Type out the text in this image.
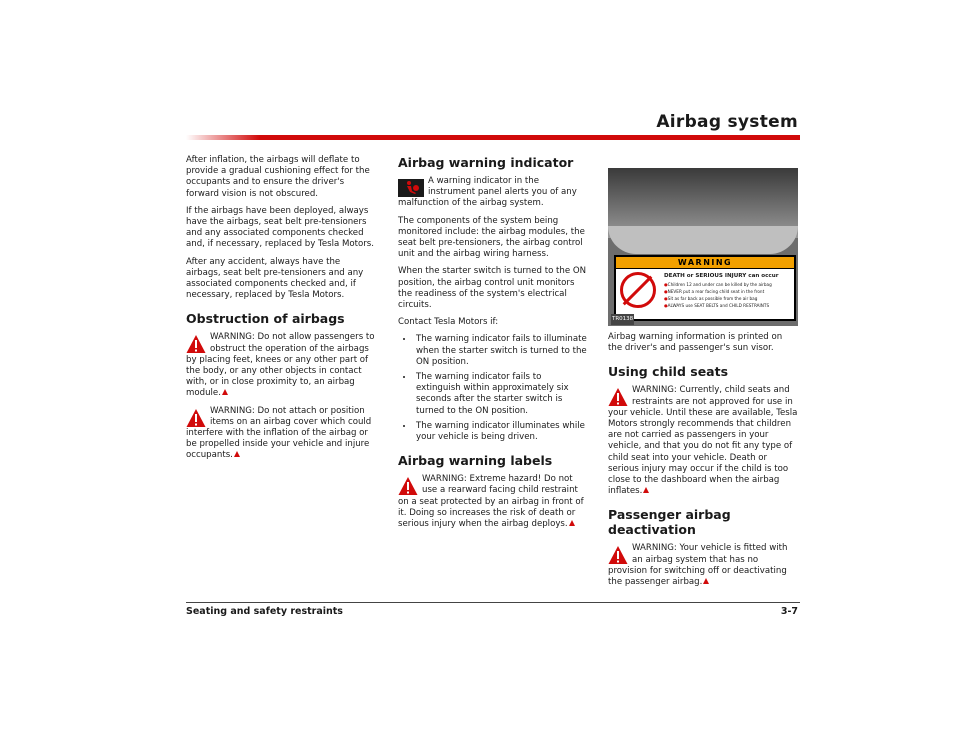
Airbag system

After inflation, the airbags will deflate to provide a gradual cushioning effect for the occupants and to ensure the driver's forward vision is not obscured.

If the airbags have been deployed, always have the airbags, seat belt pre-tensioners and any associated components checked and, if necessary, replaced by Tesla Motors.

After any accident, always have the airbags, seat belt pre-tensioners and any associated components checked and, if necessary, replaced by Tesla Motors.

Obstruction of airbags
WARNING: Do not allow passengers to obstruct the operation of the airbags by placing feet, knees or any other part of the body, or any other objects in contact with, or in close proximity to, an airbag module.
WARNING: Do not attach or position items on an airbag cover which could interfere with the inflation of the airbag or be propelled inside your vehicle and injure occupants.
Airbag warning indicator

A warning indicator in the instrument panel alerts you of any malfunction of the airbag system.

The components of the system being monitored include: the airbag modules, the seat belt pre-tensioners, the airbag control unit and the airbag wiring harness.

When the starter switch is turned to the ON position, the airbag control unit monitors the readiness of the system's electrical circuits.

Contact Tesla Motors if:

• The warning indicator fails to illuminate when the starter switch is turned to the ON position.
• The warning indicator fails to extinguish within approximately six seconds after the starter switch is turned to the ON position.
• The warning indicator illuminates while your vehicle is being driven.
Airbag warning labels
WARNING: Extreme hazard! Do not use a rearward facing child restraint on a seat protected by an airbag in front of it. Doing so increases the risk of death or serious injury when the airbag deploys.
WARNING
DEATH or SERIOUS INJURY can occur
● Children 12 and under can be killed by the airbag
● NEVER put a rear facing child seat in the front
● Sit as far back as possible from the air bag
● ALWAYS use SEAT BELTS and CHILD RESTRAINTS
TR0138

Airbag warning information is printed on the driver's and passenger's sun visor.

Using child seats
WARNING: Currently, child seats and restraints are not approved for use in your vehicle. Until these are available, Tesla Motors strongly recommends that children are not carried as passengers in your vehicle, and that you do not fit any type of child seat into your vehicle. Death or serious injury may occur if the child is too close to the dashboard when the airbag inflates.
Passenger airbag deactivation
WARNING: Your vehicle is fitted with an airbag system that has no provision for switching off or deactivating the passenger airbag.
Seating and safety restraints	3-7
